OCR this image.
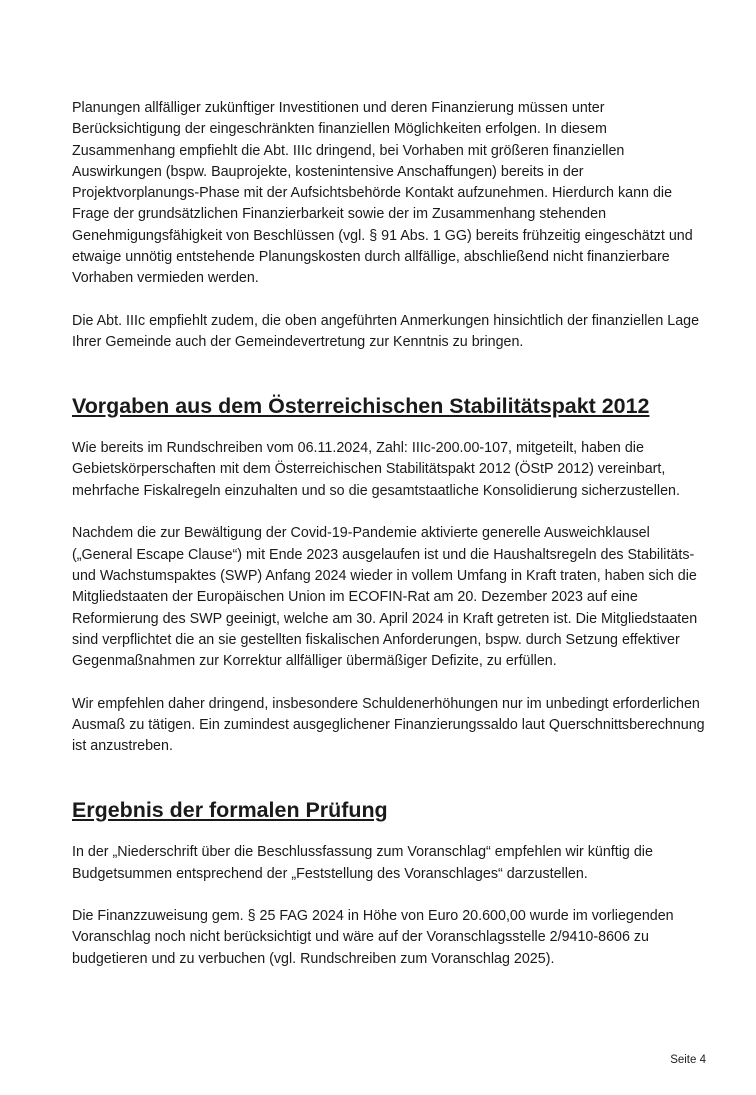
Planungen allfälliger zukünftiger Investitionen und deren Finanzierung müssen unter Berücksichtigung der eingeschränkten finanziellen Möglichkeiten erfolgen. In diesem Zusammenhang empfiehlt die Abt. IIIc dringend, bei Vorhaben mit größeren finanziellen Auswirkungen (bspw. Bauprojekte, kostenintensive Anschaffungen) bereits in der Projektvorplanungs-Phase mit der Aufsichtsbehörde Kontakt aufzunehmen. Hierdurch kann die Frage der grundsätzlichen Finanzierbarkeit sowie der im Zusammenhang stehenden Genehmigungsfähigkeit von Beschlüssen (vgl. § 91 Abs. 1 GG) bereits frühzeitig eingeschätzt und etwaige unnötig entstehende Planungskosten durch allfällige, abschließend nicht finanzierbare Vorhaben vermieden werden.

Die Abt. IIIc empfiehlt zudem, die oben angeführten Anmerkungen hinsichtlich der finanziellen Lage Ihrer Gemeinde auch der Gemeindevertretung zur Kenntnis zu bringen.

Vorgaben aus dem Österreichischen Stabilitätspakt 2012

Wie bereits im Rundschreiben vom 06.11.2024, Zahl: IIIc-200.00-107, mitgeteilt, haben die Gebietskörperschaften mit dem Österreichischen Stabilitätspakt 2012 (ÖStP 2012) vereinbart, mehrfache Fiskalregeln einzuhalten und so die gesamtstaatliche Konsolidierung sicherzustellen.

Nachdem die zur Bewältigung der Covid-19-Pandemie aktivierte generelle Ausweichklausel („General Escape Clause“) mit Ende 2023 ausgelaufen ist und die Haushaltsregeln des Stabilitäts- und Wachstumspaktes (SWP) Anfang 2024 wieder in vollem Umfang in Kraft traten, haben sich die Mitgliedstaaten der Europäischen Union im ECOFIN-Rat am 20. Dezember 2023 auf eine Reformierung des SWP geeinigt, welche am 30. April 2024 in Kraft getreten ist. Die Mitgliedstaaten sind verpflichtet die an sie gestellten fiskalischen Anforderungen, bspw. durch Setzung effektiver Gegenmaßnahmen zur Korrektur allfälliger übermäßiger Defizite, zu erfüllen.

Wir empfehlen daher dringend, insbesondere Schuldenerhöhungen nur im unbedingt erforderlichen Ausmaß zu tätigen. Ein zumindest ausgeglichener Finanzierungssaldo laut Querschnittsberechnung ist anzustreben.

Ergebnis der formalen Prüfung

In der „Niederschrift über die Beschlussfassung zum Voranschlag“ empfehlen wir künftig die Budgetsummen entsprechend der „Feststellung des Voranschlages“ darzustellen.

Die Finanzzuweisung gem. § 25 FAG 2024 in Höhe von Euro 20.600,00 wurde im vorliegenden Voranschlag noch nicht berücksichtigt und wäre auf der Voranschlagsstelle 2/9410-8606 zu budgetieren und zu verbuchen (vgl. Rundschreiben zum Voranschlag 2025).

Seite 4
